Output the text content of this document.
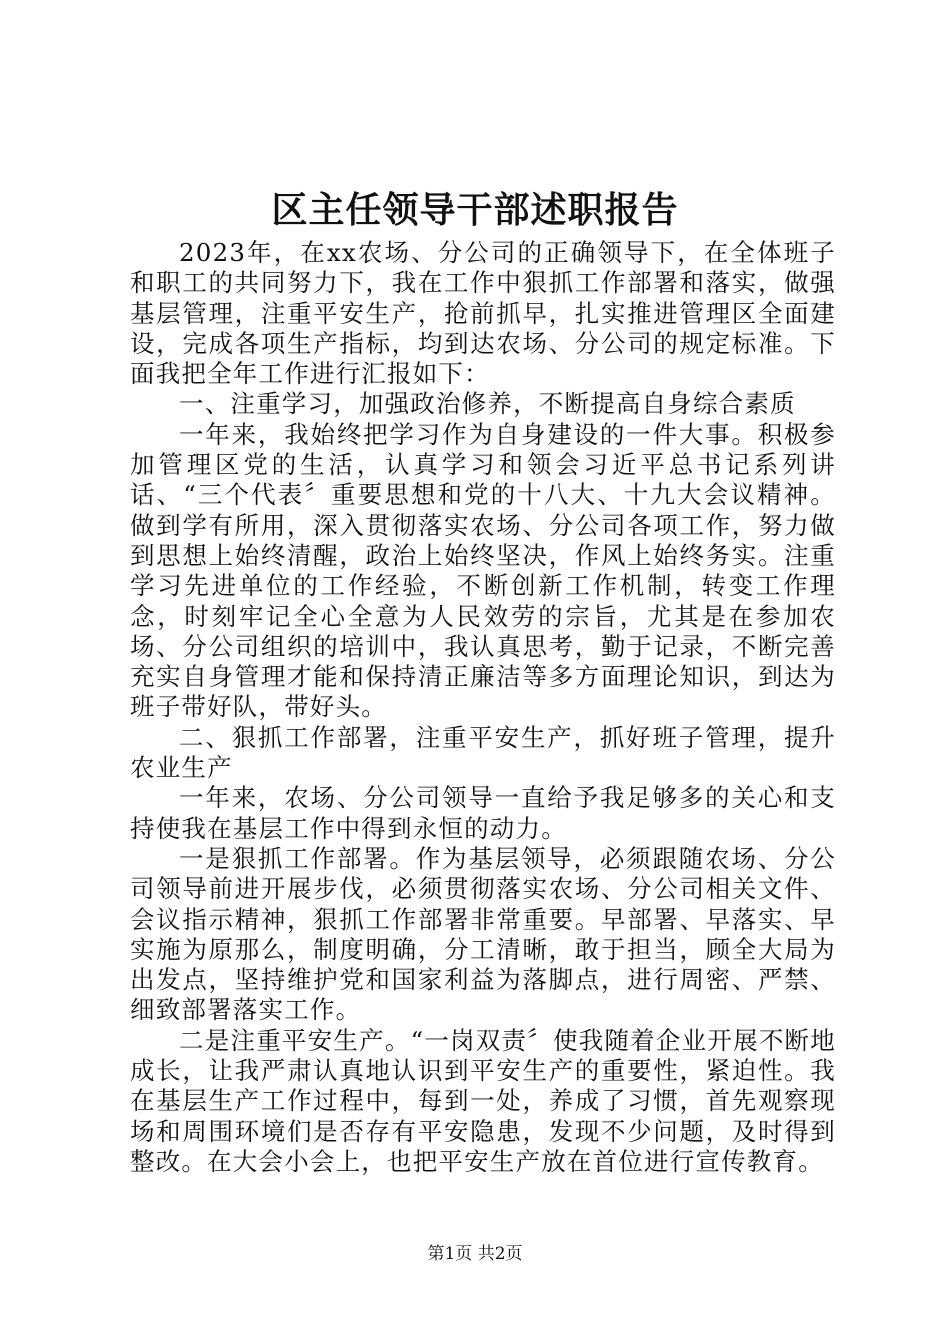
区主任领导干部述职报告

2023年，在xx农场、分公司的正确领导下，在全体班子和职工的共同努力下，我在工作中狠抓工作部署和落实，做强基层管理，注重平安生产，抢前抓早，扎实推进管理区全面建设，完成各项生产指标，均到达农场、分公司的规定标准。下面我把全年工作进行汇报如下：

一、注重学习，加强政治修养，不断提高自身综合素质

一年来，我始终把学习作为自身建设的一件大事。积极参加管理区党的生活，认真学习和领会习近平总书记系列讲话、“三个代表〞重要思想和党的十八大、十九大会议精神。做到学有所用，深入贯彻落实农场、分公司各项工作，努力做到思想上始终清醒，政治上始终坚决，作风上始终务实。注重学习先进单位的工作经验，不断创新工作机制，转变工作理念，时刻牢记全心全意为人民效劳的宗旨，尤其是在参加农场、分公司组织的培训中，我认真思考，勤于记录，不断完善充实自身管理才能和保持清正廉洁等多方面理论知识，到达为班子带好队，带好头。

二、狠抓工作部署，注重平安生产，抓好班子管理，提升农业生产

一年来，农场、分公司领导一直给予我足够多的关心和支持使我在基层工作中得到永恒的动力。

一是狠抓工作部署。作为基层领导，必须跟随农场、分公司领导前进开展步伐，必须贯彻落实农场、分公司相关文件、会议指示精神，狠抓工作部署非常重要。早部署、早落实、早实施为原那么，制度明确，分工清晰，敢于担当，顾全大局为出发点，坚持维护党和国家利益为落脚点，进行周密、严禁、细致部署落实工作。

二是注重平安生产。“一岗双责〞使我随着企业开展不断地成长，让我严肃认真地认识到平安生产的重要性，紧迫性。我在基层生产工作过程中，每到一处，养成了习惯，首先观察现场和周围环境们是否存有平安隐患，发现不少问题，及时得到整改。在大会小会上，也把平安生产放在首位进行宣传教育。

第1页 共2页
